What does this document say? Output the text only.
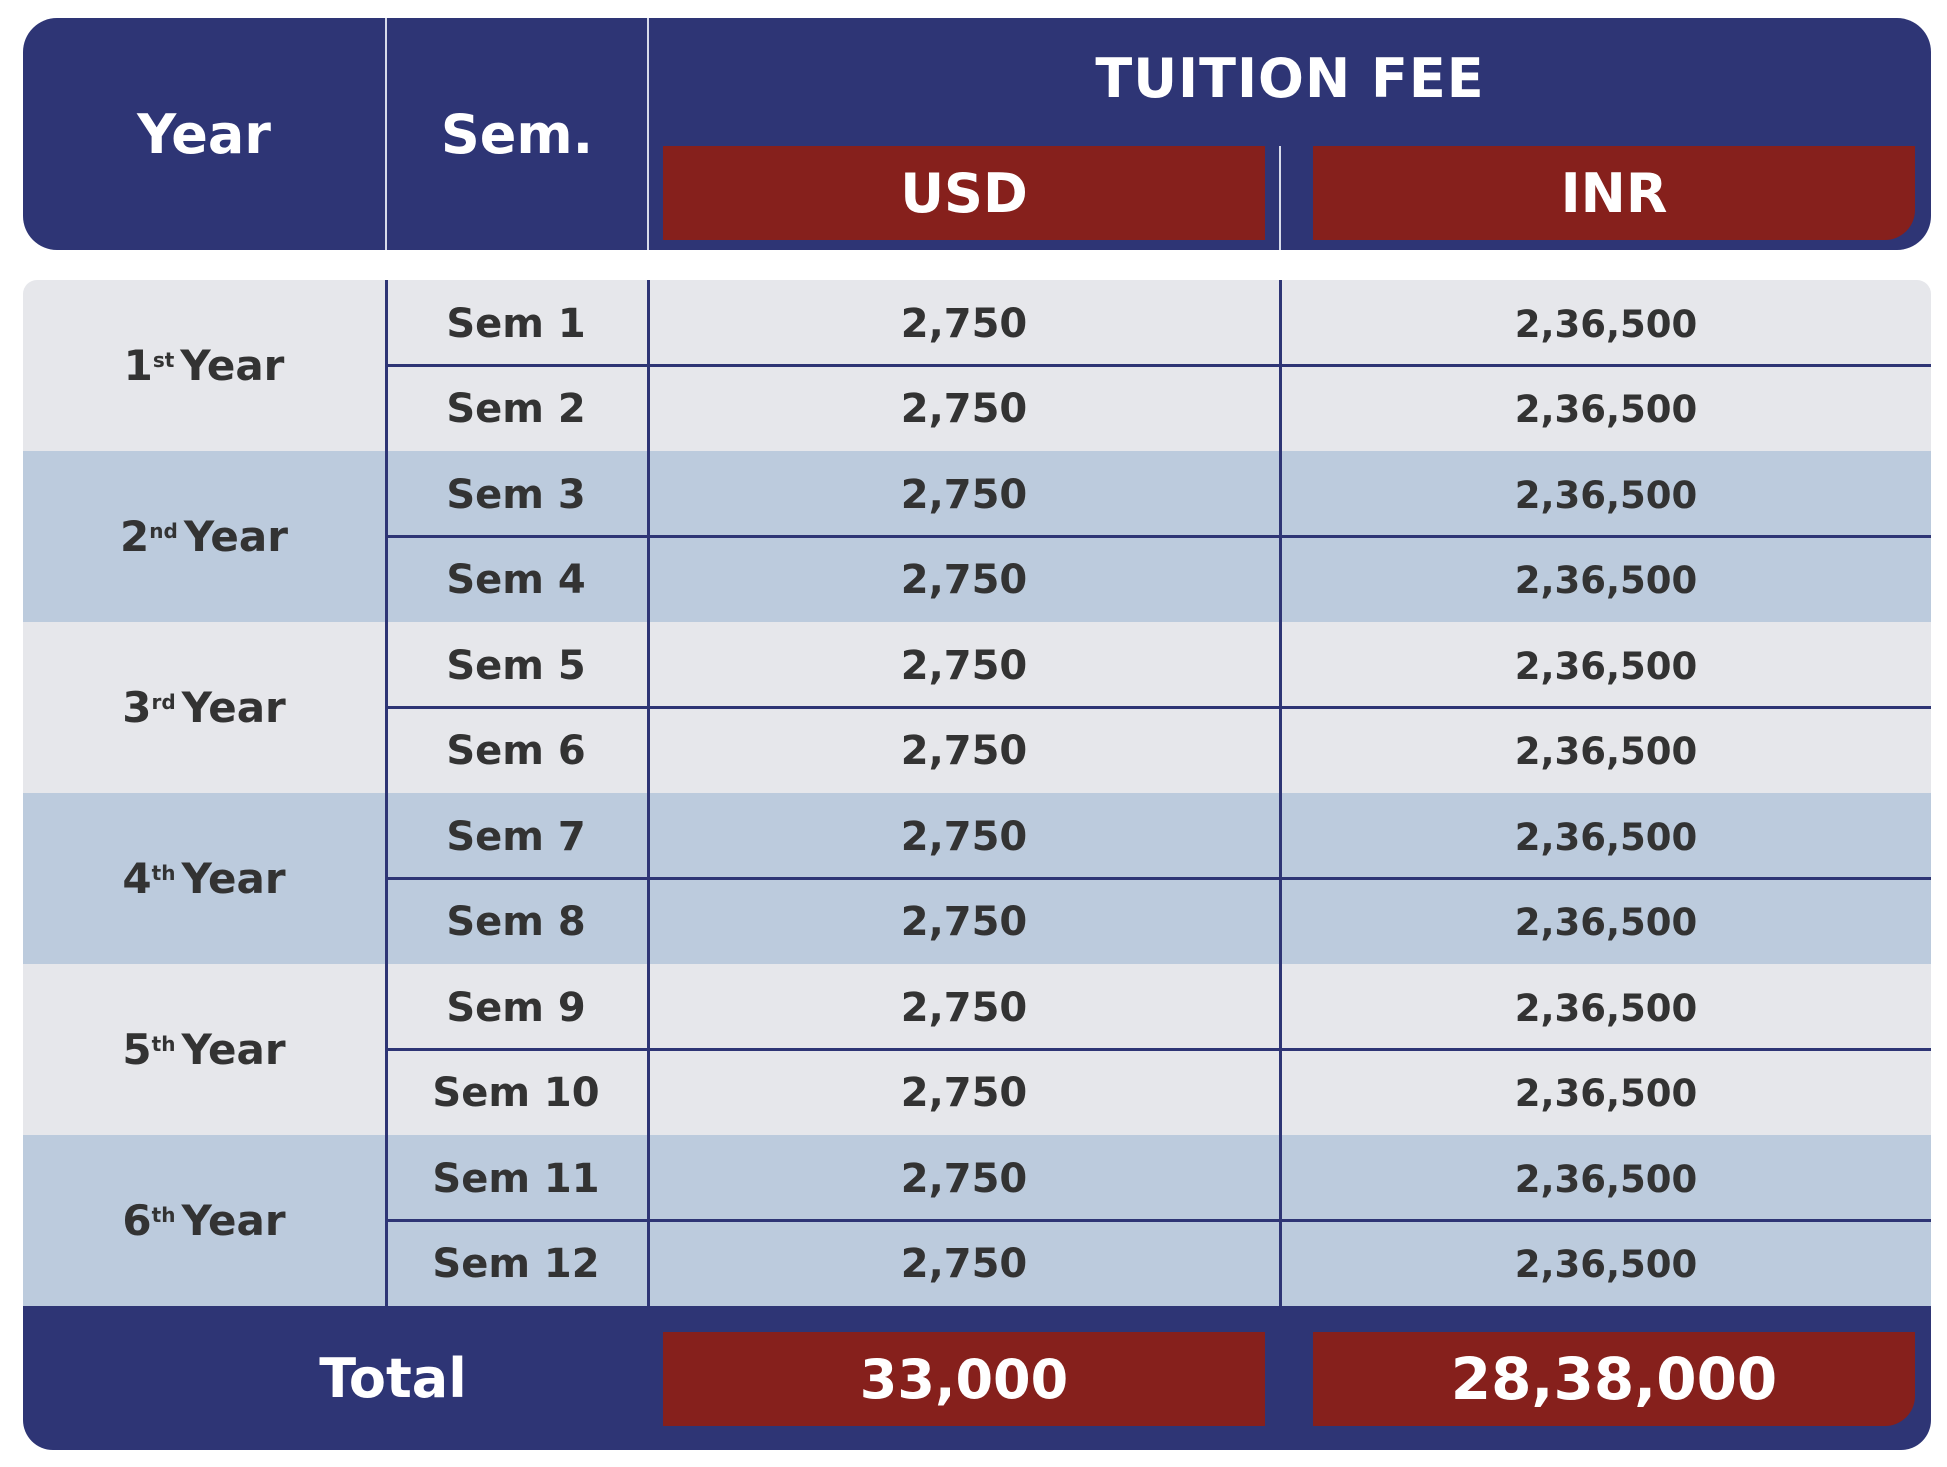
Year	Sem.
TUITION FEE
USD	INR
1st Year
Sem 1	2,750	2,36,500
Sem 2	2,750	2,36,500
2nd Year
Sem 3	2,750	2,36,500
Sem 4	2,750	2,36,500
3rd Year
Sem 5	2,750	2,36,500
Sem 6	2,750	2,36,500
4th Year
Sem 7	2,750	2,36,500
Sem 8	2,750	2,36,500
5th Year
Sem 9	2,750	2,36,500
Sem 10	2,750	2,36,500
6th Year
Sem 11	2,750	2,36,500
Sem 12	2,750	2,36,500
Total	33,000	28,38,000
